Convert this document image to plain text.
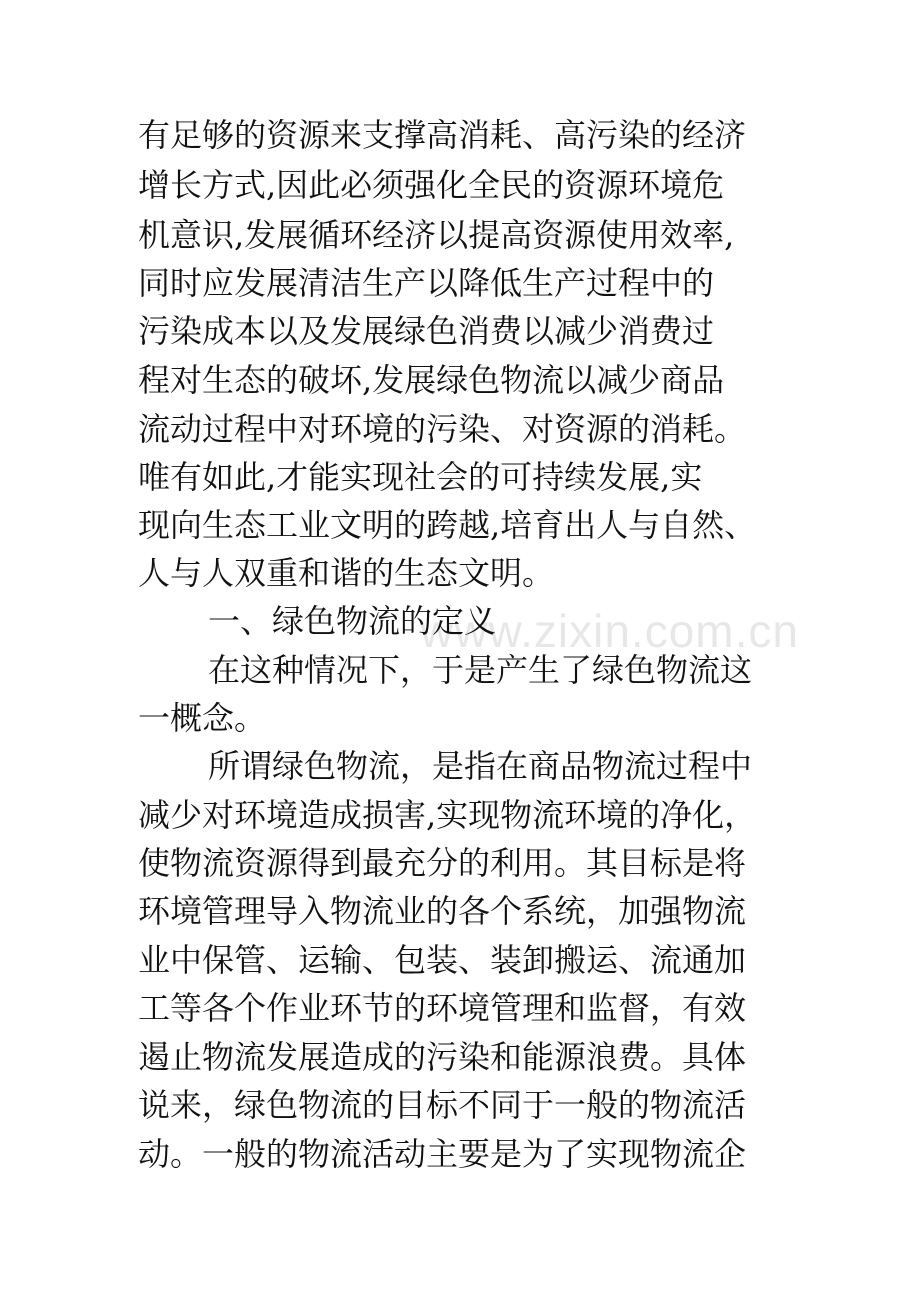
有足够的资源来支撑高消耗、高污染的经济
增长方式,因此必须强化全民的资源环境危
机意识,发展循环经济以提高资源使用效率,
同时应发展清洁生产以降低生产过程中的
污染成本以及发展绿色消费以减少消费过
程对生态的破坏,发展绿色物流以减少商品
流动过程中对环境的污染、对资源的消耗。
唯有如此,才能实现社会的可持续发展,实
现向生态工业文明的跨越,培育出人与自然、
人与人双重和谐的生态文明。
一、绿色物流的定义
在这种情况下，于是产生了绿色物流这
一概念。
所谓绿色物流，是指在商品物流过程中
减少对环境造成损害,实现物流环境的净化，
使物流资源得到最充分的利用。其目标是将
环境管理导入物流业的各个系统，加强物流
业中保管、运输、包装、装卸搬运、流通加
工等各个作业环节的环境管理和监督，有效
遏止物流发展造成的污染和能源浪费。具体
说来，绿色物流的目标不同于一般的物流活
动。一般的物流活动主要是为了实现物流企
www.zixin.com.cn
